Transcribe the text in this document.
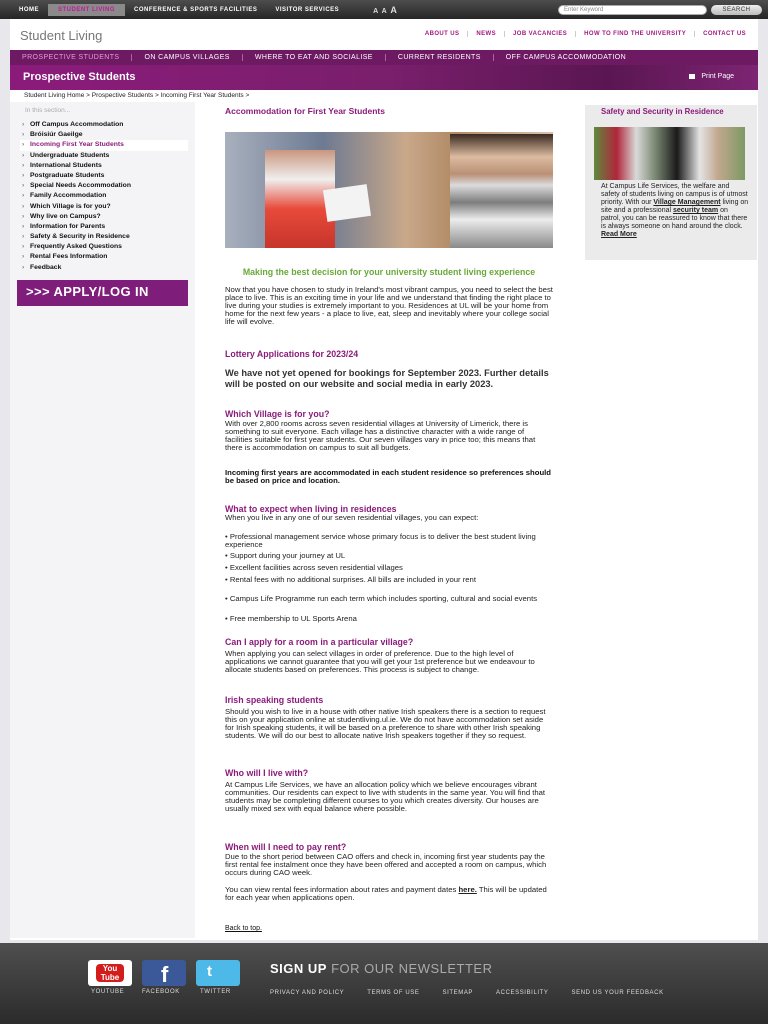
HOME	STUDENT LIVING	CONFERENCE & SPORTS FACILITIES	VISITOR SERVICES	A A A	Enter Keyword	SEARCH
Student Living	ABOUT US	NEWS	JOB VACANCIES	HOW TO FIND THE UNIVERSITY	CONTACT US
PROSPECTIVE STUDENTS	ON CAMPUS VILLAGES	WHERE TO EAT AND SOCIALISE	CURRENT RESIDENTS	OFF CAMPUS ACCOMMODATION
Prospective Students	Print Page
Student Living Home > Prospective Students > Incoming First Year Students >
In this section...
› Off Campus Accommodation
› Bróisiúr Gaeilge
› Incoming First Year Students
› Undergraduate Students
› International Students
› Postgraduate Students
› Special Needs Accommodation
› Family Accommodation
› Which Village is for you?
› Why live on Campus?
› Information for Parents
› Safety & Security in Residence
› Frequently Asked Questions
› Rental Fees Information
› Feedback
>>> APPLY/LOG IN
Accommodation for First Year Students
Making the best decision for your university student living experience
Now that you have chosen to study in Ireland's most vibrant campus, you need to select the best place to live. This is an exciting time in your life and we understand that finding the right place to live during your studies is extremely important to you. Residences at UL will be your home from home for the next few years - a place to live, eat, sleep and inevitably where your college social life will evolve.
Lottery Applications for 2023/24
We have not yet opened for bookings for September 2023. Further details will be posted on our website and social media in early 2023.
Which Village is for you?
With over 2,800 rooms across seven residential villages at University of Limerick, there is something to suit everyone. Each village has a distinctive character with a wide range of facilities suitable for first year students. Our seven villages vary in price too; this means that there is accommodation on campus to suit all budgets.
Incoming first years are accommodated in each student residence so preferences should be based on price and location.
What to expect when living in residences
When you live in any one of our seven residential villages, you can expect:
• Professional management service whose primary focus is to deliver the best student living experience
• Support during your journey at UL
• Excellent facilities across seven residential villages
• Rental fees with no additional surprises. All bills are included in your rent
• Campus Life Programme run each term which includes sporting, cultural and social events
• Free membership to UL Sports Arena
Can I apply for a room in a particular village?
When applying you can select villages in order of preference. Due to the high level of applications we cannot guarantee that you will get your 1st preference but we endeavour to allocate students based on preferences. This process is subject to change.
Irish speaking students
Should you wish to live in a house with other native Irish speakers there is a section to request this on your application online at studentliving.ul.ie. We do not have accommodation set aside for Irish speaking students, it will be based on a preference to share with other Irish speaking students. We will do our best to allocate native Irish speakers together if they so request.
Who will I live with?
At Campus Life Services, we have an allocation policy which we believe encourages vibrant communities. Our residents can expect to live with students in the same year. You will find that students may be completing different courses to you which creates diversity. Our houses are usually mixed sex with equal balance where possible.
When will I need to pay rent?
Due to the short period between CAO offers and check in, incoming first year students pay the first rental fee instalment once they have been offered and accepted a room on campus, which occurs during CAO week.
You can view rental fees information about rates and payment dates here. This will be updated for each year when applications open.
Back to top.
Safety and Security in Residence
At Campus Life Services, the welfare and safety of students living on campus is of utmost priority. With our Village Management living on site and a professional security team on patrol, you can be reassured to know that there is always someone on hand around the clock. Read More
You
Tube f	t
YOUTUBE	FACEBOOK	TWITTER
SIGN UP FOR OUR NEWSLETTER
PRIVACY AND POLICY	TERMS OF USE	SITEMAP	ACCESSIBILITY	SEND US YOUR FEEDBACK
